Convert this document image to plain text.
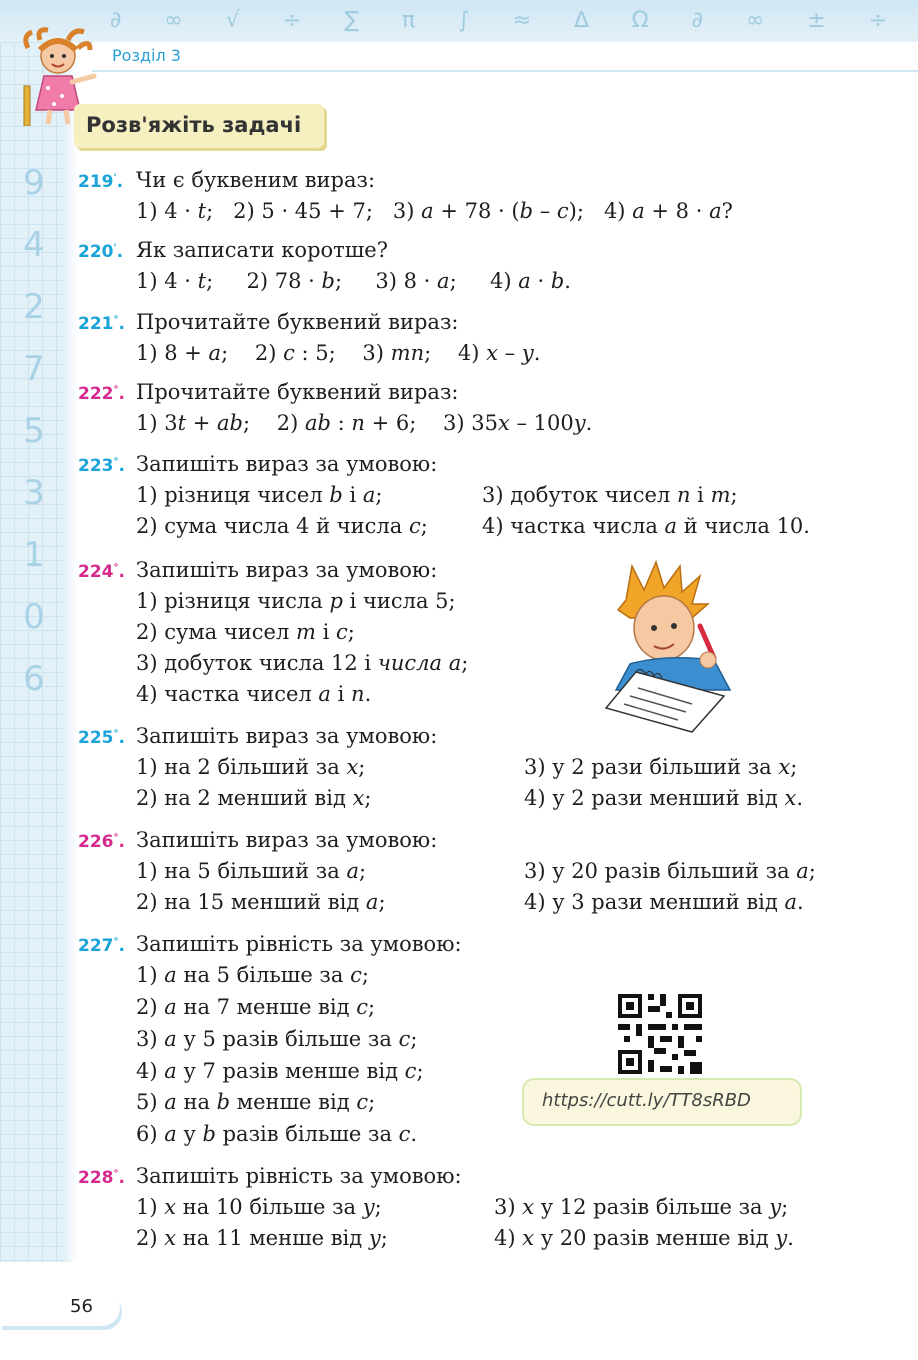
∂ ∞ √ ÷ ∑ π ∫ ≈ ∆ Ω ∂ ∞ ± ÷
Розділ 3
9
4
2
7
5
3
1
0
6
Розв'яжіть задачі
219'. Чи є буквеним вираз:
1) 4 · t;   2) 5 · 45 + 7;   3) a + 78 · (b – c);   4) a + 8 · a?
220'. Як записати коротше?
1) 4 · t;     2) 78 · b;     3) 8 · a;     4) a · b.
221°. Прочитайте буквений вираз:
1) 8 + a;    2) c : 5;    3) mn;    4) x – y.
222°. Прочитайте буквений вираз:
1) 3t + ab;    2) ab : n + 6;    3) 35x – 100y.
223°. Запишіть вираз за умовою:
1) різниця чисел b і a;	3) добуток чисел n і m;
2) сума числа 4 й числа c;	4) частка числа a й числа 10.
224°. Запишіть вираз за умовою:
1) різниця числа p і числа 5;
2) сума чисел m і c;
3) добуток числа 12 і числа a;
4) частка чисел a і n.
225°. Запишіть вираз за умовою:
1) на 2 більший за x;	3) у 2 рази більший за x;
2) на 2 менший від x;	4) у 2 рази менший від x.
226°. Запишіть вираз за умовою:
1) на 5 більший за a;	3) у 20 разів більший за a;
2) на 15 менший від a;	4) у 3 рази менший від a.
227°. Запишіть рівність за умовою:
1) a на 5 більше за c;
2) a на 7 менше від c;
3) a у 5 разів більше за c;
4) a у 7 разів менше від c;
5) a на b менше від c;
6) a у b разів більше за c.
https://cutt.ly/TT8sRBD
228°. Запишіть рівність за умовою:
1) x на 10 більше за y;	3) x у 12 разів більше за y;
2) x на 11 менше від y;	4) x у 20 разів менше від y.
56
